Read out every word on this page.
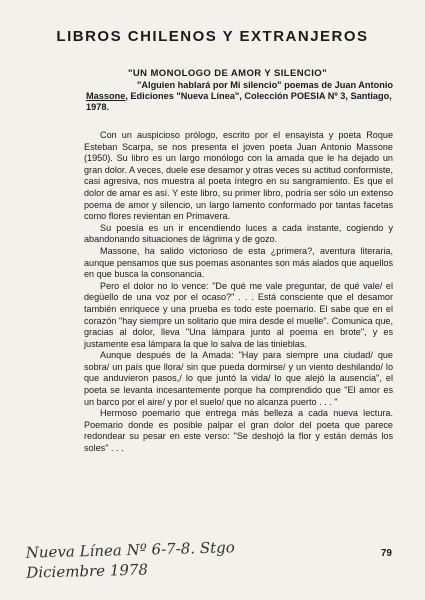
LIBROS CHILENOS Y EXTRANJEROS
"UN MONOLOGO DE AMOR Y SILENCIO"
"Alguien hablará por Mi silencio" poemas de Juan Antonio
Massone, Ediciones "Nueva Línea", Colección POESIA Nº 3, Santiago,
1978.

Con un auspicioso prólogo, escrito por el ensayista y poeta Roque Esteban Scarpa, se nos presenta el joven poeta Juan Antonio Massone (1950). Su libro es un largo monólogo con la amada que le ha dejado un gran dolor. A veces, duele ese desamor y otras veces su actitud conformiste, casi agresiva, nos muestra al poeta íntegro en su sangramiento. Es que el dolor de amar es así. Y este libro, su primer libro, podría ser sólo un extenso poema de amor y silencio, un largo lamento conformado por tantas facetas como flores revientan en Primavera.

Su poesía es un ir encendiendo luces a cada instante, cogiendo y abandonando situaciones de lágrima y de gozo.

Massone, ha salido victorioso de esta ¿primera?, aventura literaria, aunque pensamos que sus poemas asonantes son más alados que aquellos en que busca la consonancia.

Pero el dolor no lo vence: "De qué me vale preguntar, de qué vale/ el degüello de una voz por el ocaso?" . . . Está consciente que el desamor también enriquece y una prueba es todo este poemario. El sabe que en el corazón "hay siempre un solitario que mira desde el muelle". Comunica que, gracias al dolor, lleva "Una lámpara junto al poema en brote", y es justamente esa lámpara la que lo salva de las tinieblas.

Aunque después de la Amada: "Hay para siempre una ciudad/ que sobra/ un país que llora/ sin que pueda dormirse/ y un viento deshilando/ lo que anduvieron pasos,/ lo que juntó la vida/ lo que alejó la ausencia", el poeta se levanta incesantemente porque ha comprendido que "El amor es un barco por el aire/ y por el suelo/ que no alcanza puerto . . . "

Hermoso poemario que entrega más belleza a cada nueva lectura. Poemario donde es posible palpar el gran dolor del poeta que parece redondear su pesar en este verso: "Se deshojó la flor y están demás los soles" . . .

Nueva Línea Nº 6-7-8. Stgo
Diciembre 1978
79
